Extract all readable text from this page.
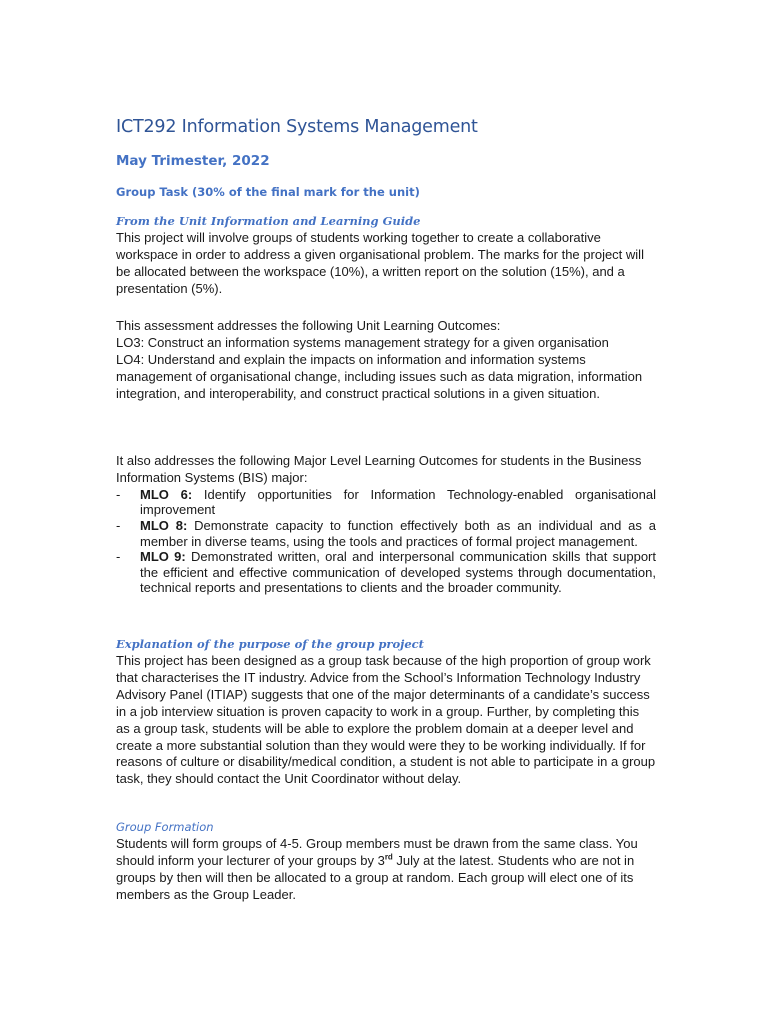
ICT292 Information Systems Management
May Trimester, 2022
Group Task (30% of the final mark for the unit)
From the Unit Information and Learning Guide

This project will involve groups of students working together to create a collaborative workspace in order to address a given organisational problem. The marks for the project will be allocated between the workspace (10%), a written report on the solution (15%), and a presentation (5%).

This assessment addresses the following Unit Learning Outcomes:

LO3: Construct an information systems management strategy for a given organisation

LO4: Understand and explain the impacts on information and information systems management of organisational change, including issues such as data migration, information integration, and interoperability, and construct practical solutions in a given situation.

It also addresses the following Major Level Learning Outcomes for students in the Business Information Systems (BIS) major:

- MLO 6: Identify opportunities for Information Technology-enabled organisational improvement
- MLO 8: Demonstrate capacity to function effectively both as an individual and as a member in diverse teams, using the tools and practices of formal project management.
- MLO 9: Demonstrated written, oral and interpersonal communication skills that support the efficient and effective communication of developed systems through documentation, technical reports and presentations to clients and the broader community.
Explanation of the purpose of the group project

This project has been designed as a group task because of the high proportion of group work that characterises the IT industry. Advice from the School’s Information Technology Industry Advisory Panel (ITIAP) suggests that one of the major determinants of a candidate’s success in a job interview situation is proven capacity to work in a group. Further, by completing this as a group task, students will be able to explore the problem domain at a deeper level and create a more substantial solution than they would were they to be working individually. If for reasons of culture or disability/medical condition, a student is not able to participate in a group task, they should contact the Unit Coordinator without delay.

Group Formation

Students will form groups of 4-5. Group members must be drawn from the same class. You should inform your lecturer of your groups by 3rd July at the latest. Students who are not in groups by then will then be allocated to a group at random. Each group will elect one of its members as the Group Leader.
